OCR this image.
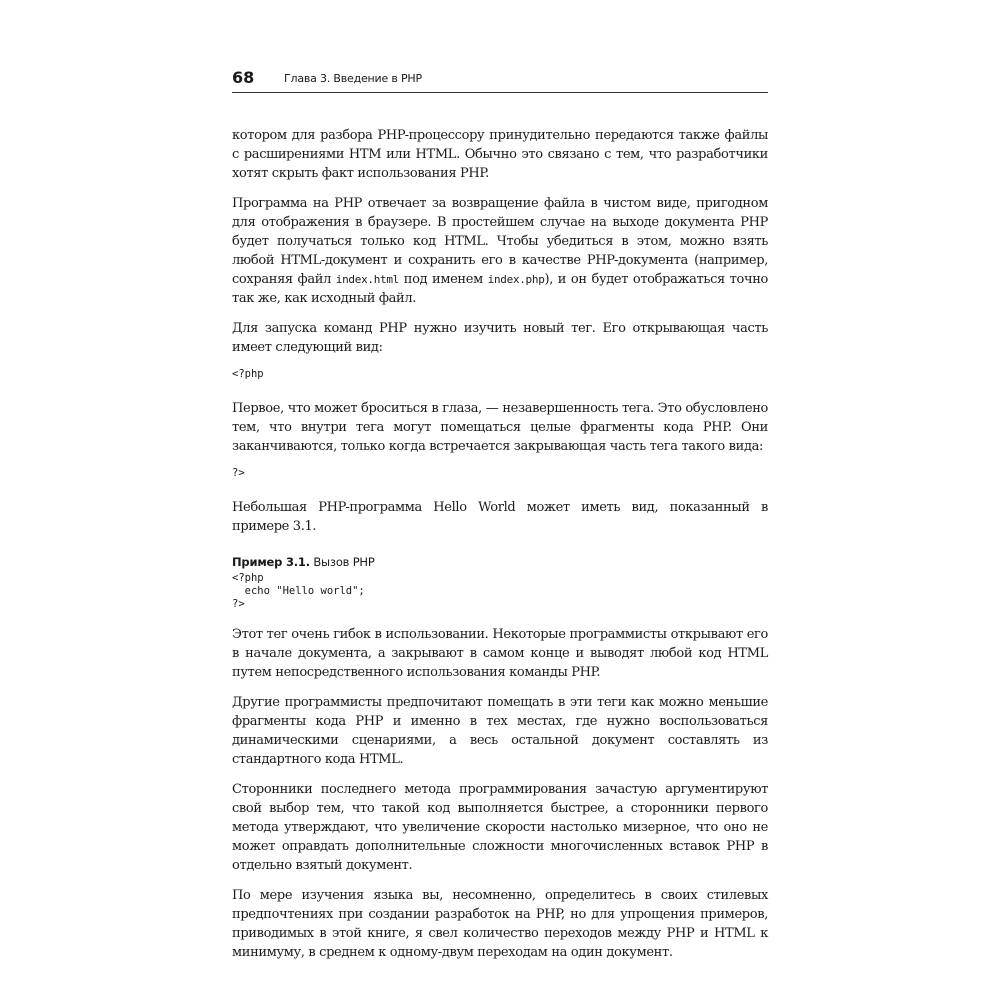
68	Глава 3. Введение в PHP

котором для разбора PHP-процессору принудительно передаются также файлы с расширениями HTM или HTML. Обычно это связано с тем, что разработчики хотят скрыть факт использования PHP.

Программа на PHP отвечает за возвращение файла в чистом виде, пригодном для отображения в браузере. В простейшем случае на выходе документа PHP будет получаться только код HTML. Чтобы убедиться в этом, можно взять любой HTML-документ и сохранить его в качестве PHP-документа (например, сохраняя файл index.html под именем index.php), и он будет отображаться точно так же, как исходный файл.

Для запуска команд PHP нужно изучить новый тег. Его открывающая часть имеет следующий вид:

<?php

Первое, что может броситься в глаза, — незавершенность тега. Это обусловлено тем, что внутри тега могут помещаться целые фрагменты кода PHP. Они заканчиваются, только когда встречается закрывающая часть тега такого вида:

?>

Небольшая PHP-программа Hello World может иметь вид, показанный в примере 3.1.

Пример 3.1. Вызов PHP
<?php
echo "Hello world";
?>

Этот тег очень гибок в использовании. Некоторые программисты открывают его в начале документа, а закрывают в самом конце и выводят любой код HTML путем непосредственного использования команды PHP.

Другие программисты предпочитают помещать в эти теги как можно меньшие фрагменты кода PHP и именно в тех местах, где нужно воспользоваться динамическими сценариями, а весь остальной документ составлять из стандартного кода HTML.

Сторонники последнего метода программирования зачастую аргументируют свой выбор тем, что такой код выполняется быстрее, а сторонники первого метода утверждают, что увеличение скорости настолько мизерное, что оно не может оправдать дополнительные сложности многочисленных вставок PHP в отдельно взятый документ.

По мере изучения языка вы, несомненно, определитесь в своих стилевых предпочтениях при создании разработок на PHP, но для упрощения примеров, приводимых в этой книге, я свел количество переходов между PHP и HTML к минимуму, в среднем к одному-двум переходам на один документ.
